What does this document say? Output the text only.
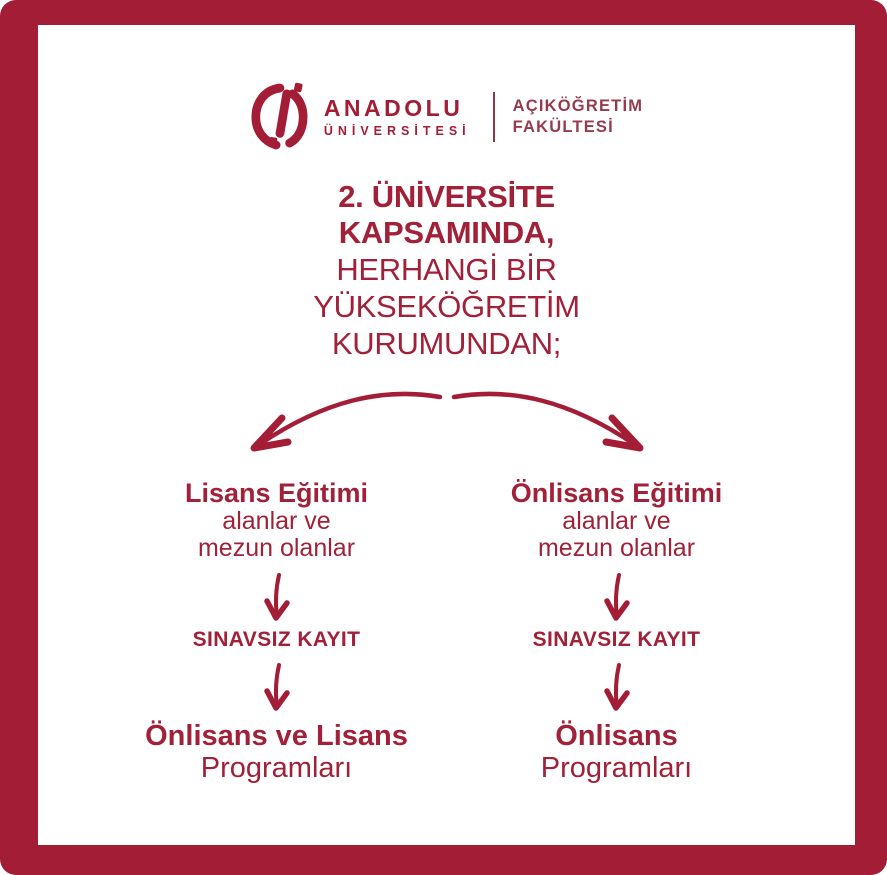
ANADOLU
ÜNİVERSİTESİ
AÇIKÖĞRETİM
FAKÜLTESİ
2. ÜNİVERSİTE
KAPSAMINDA,
HERHANGİ BİR
YÜKSEKÖĞRETİM
KURUMUNDAN;
Lisans Eğitimi
alanlar ve
mezun olanlar
SINAVSIZ KAYIT
Önlisans ve Lisans
Programları
Önlisans Eğitimi
alanlar ve
mezun olanlar
SINAVSIZ KAYIT
Önlisans
Programları
